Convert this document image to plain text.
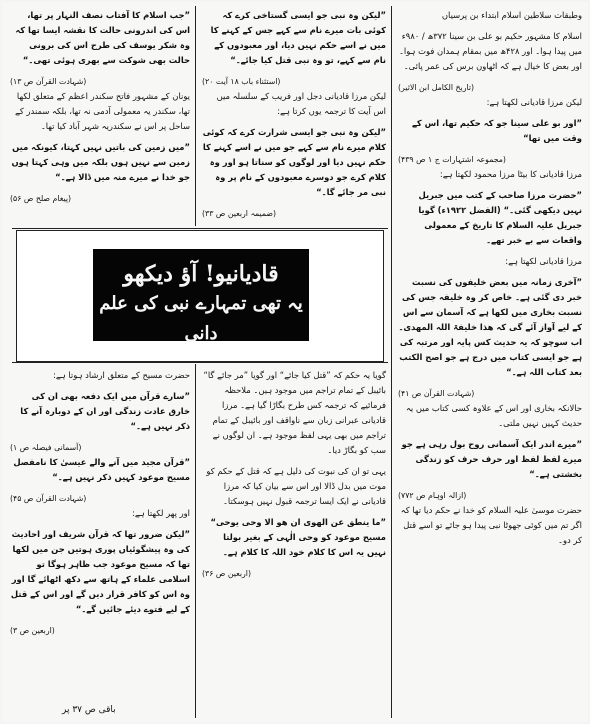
وطبقات سلاطین اسلام ابتداء بن پرسیاں

اسلام کا مشہور حکیم بو علی بن سینا ۳۷۲ھ / ۹۸۰ء میں پیدا ہوا۔ اور ۴۲۸ھ میں بمقام ہمدان فوت ہوا۔ اور بعض کا خیال ہے کہ اٹھاون برس کی عمر پائی۔

(تاریخ الکامل ابن الاثیر)

لیکن مرزا قادیانی لکھتا ہے:

”اور بو علی سینا جو کہ حکیم تھا، اس کے وقت میں تھا“

(مجموعہ اشتہارات ج ۱ ص ۴۳۹)

مرزا قادیانی کا بیٹا مرزا محمود لکھتا ہے:

”حضرت مرزا صاحب کے کتب میں جبریل نہیں دیکھی گئی۔“ (الفضل ۱۹۲۲ء) گویا جبریل علیہ السلام کا تاریخ کے معمولی واقعات سے بے خبر تھے۔

مرزا قادیانی لکھتا ہے:

”آخری زمانہ میں بعض خلیفوں کی نسبت خبر دی گئی ہے۔ خاص کر وہ خلیفہ جس کی نسبت بخاری میں لکھا ہے کہ آسمان سے اس کے لیے آواز آئے گی کہ ھذا خلیفۃ اللہ المھدی۔ اب سوچو کہ یہ حدیث کس پایہ اور مرتبہ کی ہے جو ایسی کتاب میں درج ہے جو اصح الکتب بعد کتاب اللہ ہے۔“

(شہادت القرآن ص ۴۱)

حالانکہ بخاری اور اس کے علاوہ کسی کتاب میں یہ حدیث کہیں نہیں ملتی۔

”میرے اندر ایک آسمانی روح بول رہی ہے جو میرے لفظ لفظ اور حرف حرف کو زندگی بخشتی ہے۔“

(ازالہ اوہام ص ۷۷۲)

حضرت موسیٰ علیہ السلام کو خدا نے حکم دیا تھا کہ اگر تم میں کوئی جھوٹا نبی پیدا ہو جائے تو اسے قتل کر دو۔

”لیکن وہ نبی جو ایسی گستاخی کرے کہ کوئی بات میرے نام سے کہے جس کے کہنے کا میں نے اسے حکم نہیں دیا، اور معبودوں کے نام سے کہے، تو وہ نبی قتل کیا جائے۔“

(استثناء باب ۱۸ آیت ۲۰)

لیکن مرزا قادیانی دجل اور فریب کے سلسلہ میں اس آیت کا ترجمہ یوں کرتا ہے:

”لیکن وہ نبی جو ایسی شرارت کرے کہ کوئی کلام میرے نام سے کہے جو میں نے اسے کہنے کا حکم نہیں دیا اور لوگوں کو سناتا ہو اور وہ کلام کرے جو دوسرے معبودوں کے نام پر وہ نبی مر جائے گا۔“

(ضمیمہ اربعین ص ۳۳)

گویا یہ حکم کہ ”قتل کیا جائے“ اور گویا ”مر جائے گا“ بائیبل کے تمام تراجم میں موجود ہیں۔ ملاحظہ فرمائیے کہ ترجمہ کس طرح بگاڑا گیا ہے۔ مرزا قادیانی عبرانی زبان سے ناواقف اور بائیبل کے تمام تراجم میں بھی یہی لفظ موجود ہے۔ ان لوگوں نے سب کو بگاڑ دیا۔

یہی تو ان کی نبوت کی دلیل ہے کہ قتل کے حکم کو موت میں بدل ڈالا اور اس سے بیان کیا کہ مرزا قادیانی نے ایک ایسا ترجمہ قبول نہیں ہوسکتا۔

”ما ینطق عن الھوی ان ھو الا وحی یوحی“ مسیح موعود کو وحی الٰہی کے بغیر بولتا نہیں یہ اس کا کلام خود اللہ کا کلام ہے۔

(اربعین ص ۳۶)

”جب اسلام کا آفتاب نصف النہار پر تھا، اس کی اندرونی حالت کا نقشہ ایسا تھا کہ وہ شکر یوسف کی طرح اس کی برونی حالت بھی شوکت سے بھری ہوئی تھی۔“

(شہادت القرآن ص ۱۳)

یونان کے مشہور فاتح سکندر اعظم کے متعلق لکھا تھا، سکندر یہ معمولی آدمی نہ تھا، بلکہ سمندر کے ساحل پر اس نے سکندریہ شہر آباد کیا تھا۔

”میں زمین کی باتیں نہیں کہتا، کیونکہ میں زمین سے نہیں ہوں بلکہ میں وہی کہتا ہوں جو خدا نے میرے منہ میں ڈالا ہے۔“

(پیغام صلح ص ۵۶)

حضرت مسیح کے متعلق ارشاد ہوتا ہے:

”سارے قرآن میں ایک دفعہ بھی ان کی خارق عادت زندگی اور ان کے دوبارہ آنے کا ذکر نہیں ہے۔“

(آسمانی فیصلہ ص ۱)

”قرآن مجید میں آنے والے عیسیٰ کا نامفصل مسیح موعود کہیں ذکر نہیں ہے۔“

(شہادت القرآن ص ۴۵)

اور پھر لکھتا ہے:

”لیکن ضرور تھا کہ قرآن شریف اور احادیث کی وہ پیشگوئیاں پوری ہوتیں جن میں لکھا تھا کہ مسیح موعود جب ظاہر ہوگا تو اسلامی علماء کے ہاتھ سے دکھ اٹھائے گا اور وہ اس کو کافر قرار دیں گے اور اس کے قتل کے لیے فتوے دیئے جائیں گے۔“

(اربعین ص ۳)
قادیانیو! آؤ دیکھو
یہ تھی تمہارے نبی کی علم دانی
باقی ص ۳۷ پر
